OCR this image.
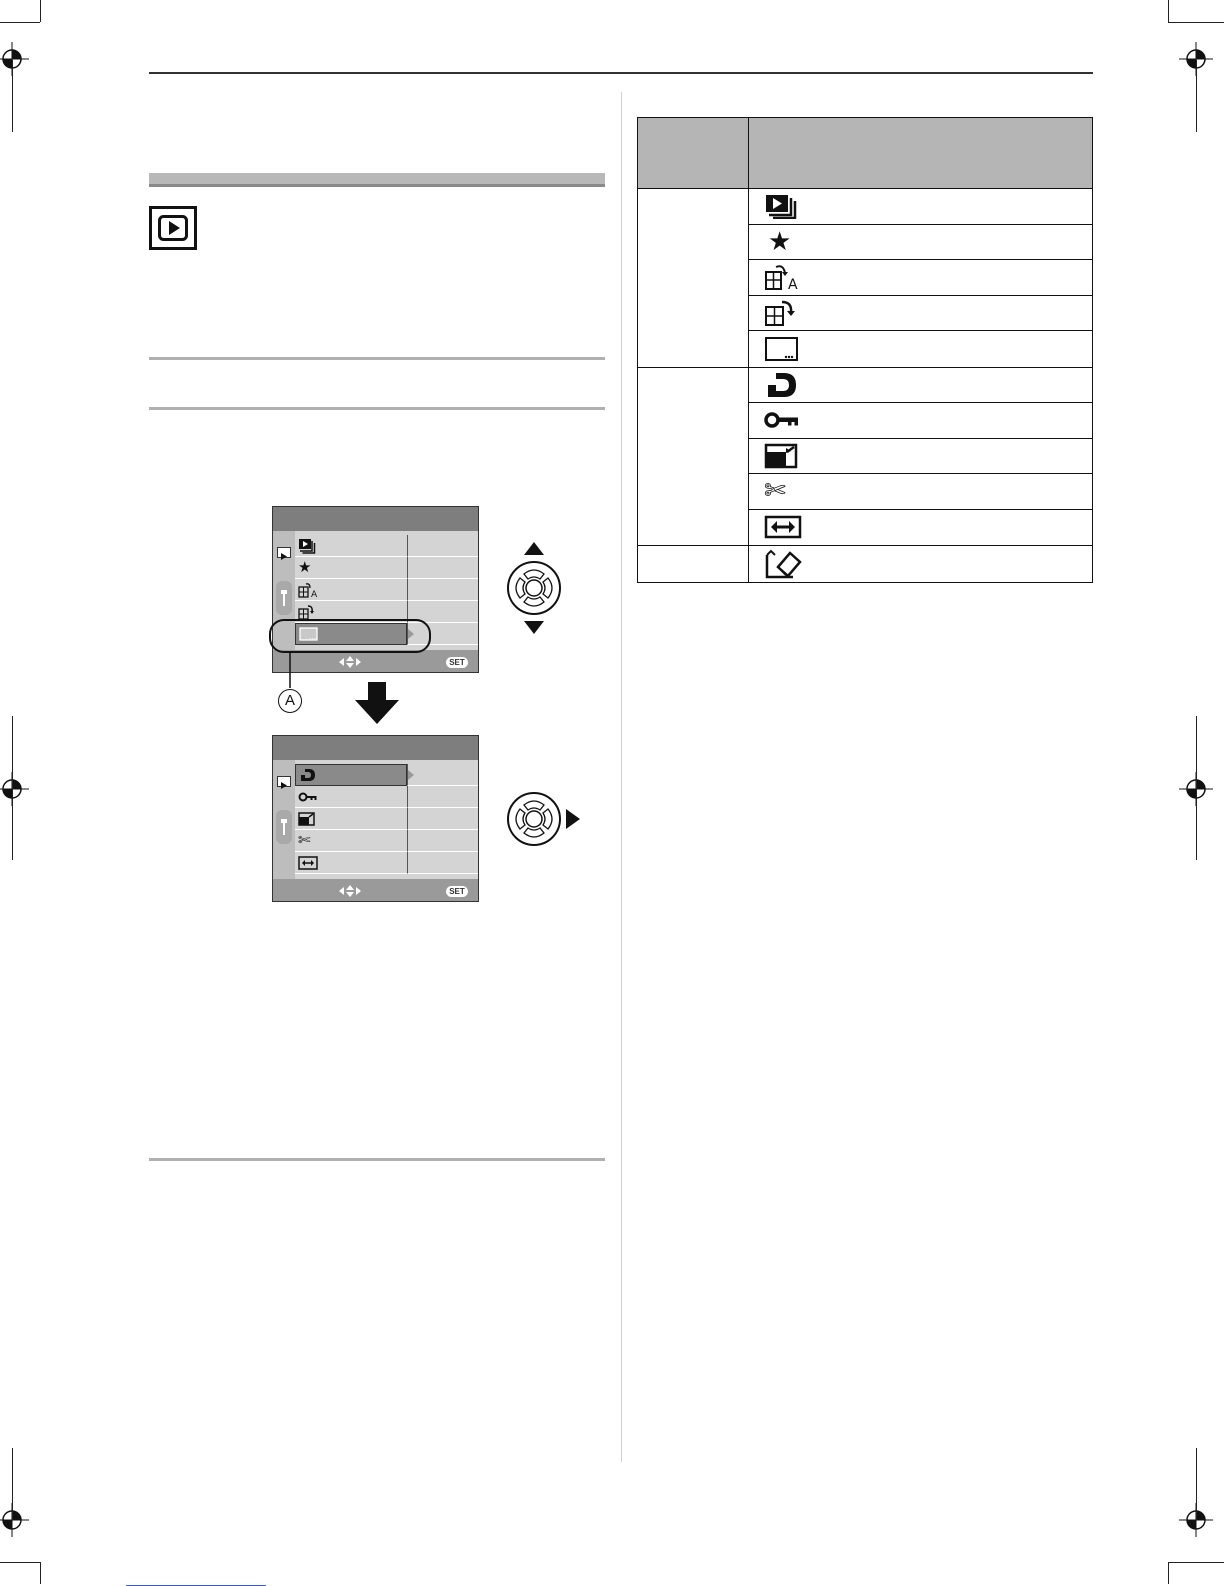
★
A
…
SET
A
✄
SET
★
A
✄
